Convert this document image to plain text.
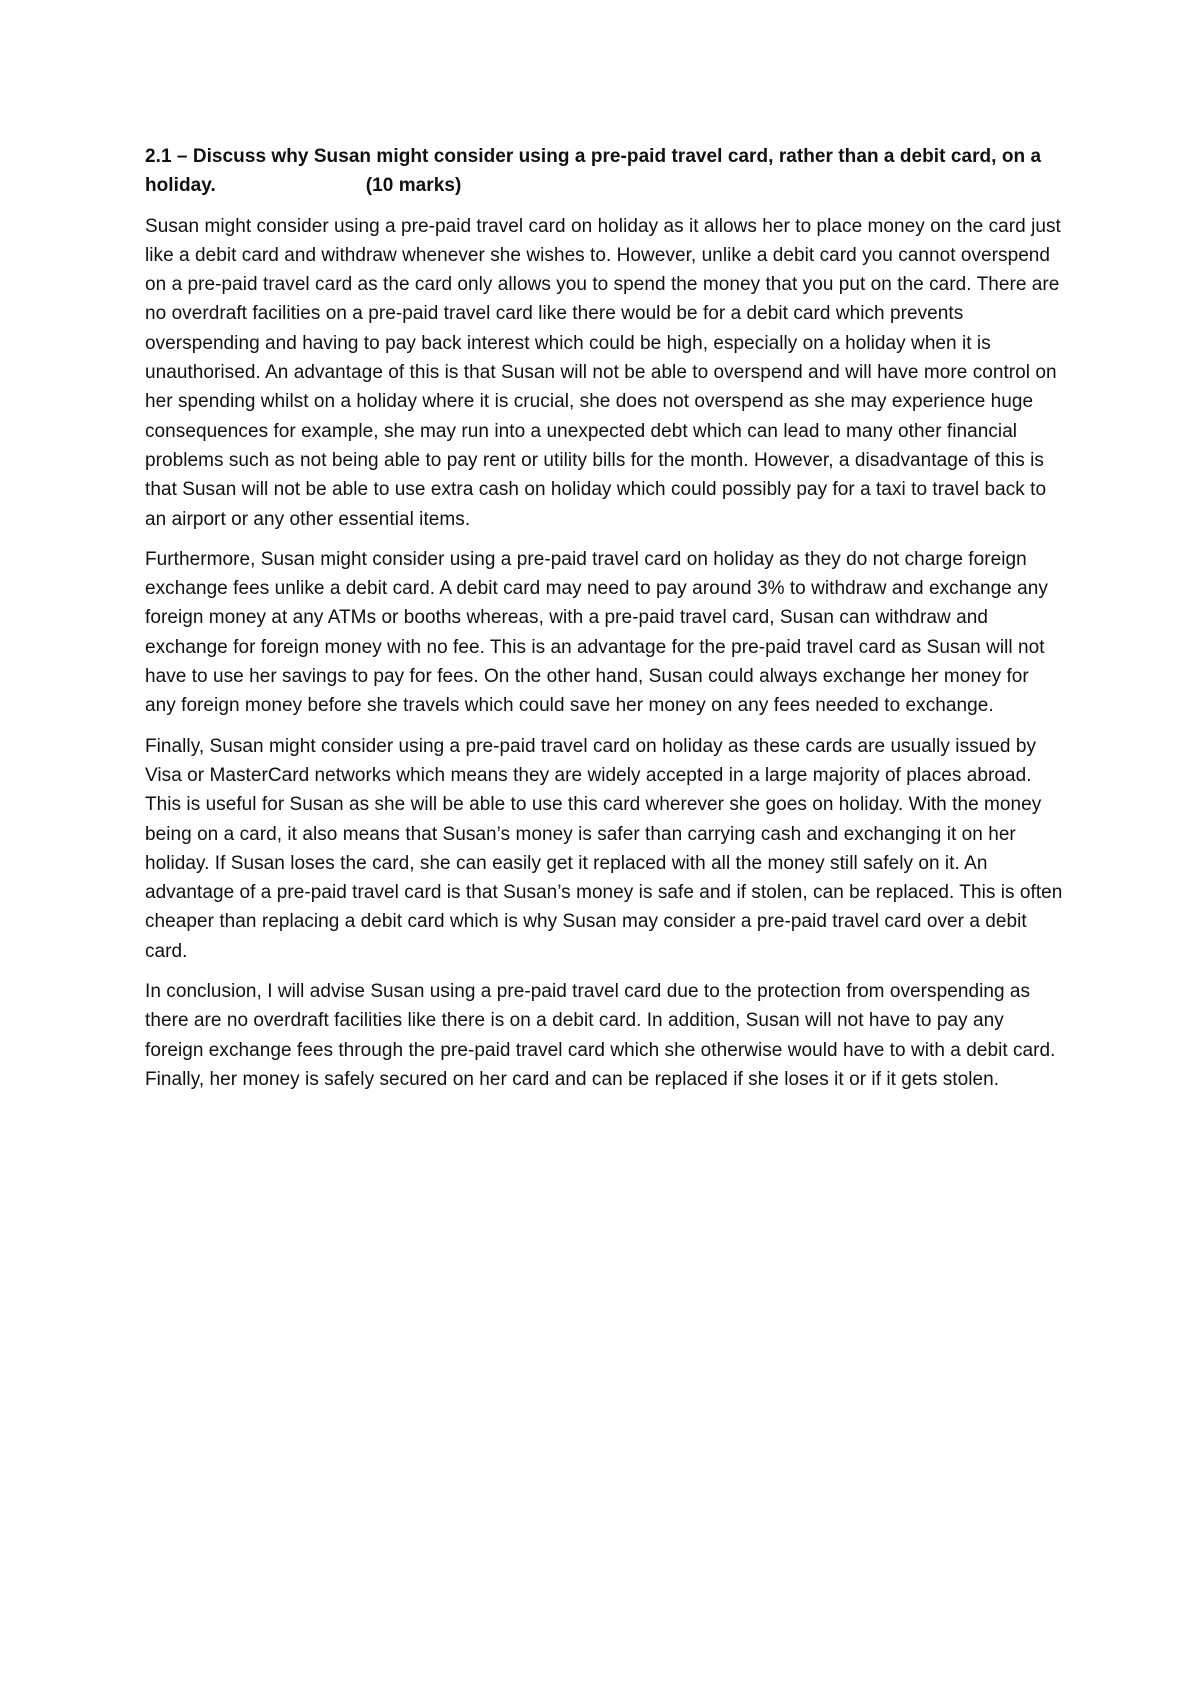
2.1 – Discuss why Susan might consider using a pre-paid travel card, rather than a debit card, on a holiday.	(10 marks)

Susan might consider using a pre-paid travel card on holiday as it allows her to place money on the card just like a debit card and withdraw whenever she wishes to. However, unlike a debit card you cannot overspend on a pre-paid travel card as the card only allows you to spend the money that you put on the card. There are no overdraft facilities on a pre-paid travel card like there would be for a debit card which prevents overspending and having to pay back interest which could be high, especially on a holiday when it is unauthorised. An advantage of this is that Susan will not be able to overspend and will have more control on her spending whilst on a holiday where it is crucial, she does not overspend as she may experience huge consequences for example, she may run into a unexpected debt which can lead to many other financial problems such as not being able to pay rent or utility bills for the month. However, a disadvantage of this is that Susan will not be able to use extra cash on holiday which could possibly pay for a taxi to travel back to an airport or any other essential items.

Furthermore, Susan might consider using a pre-paid travel card on holiday as they do not charge foreign exchange fees unlike a debit card. A debit card may need to pay around 3% to withdraw and exchange any foreign money at any ATMs or booths whereas, with a pre-paid travel card, Susan can withdraw and exchange for foreign money with no fee. This is an advantage for the pre-paid travel card as Susan will not have to use her savings to pay for fees. On the other hand, Susan could always exchange her money for any foreign money before she travels which could save her money on any fees needed to exchange.

Finally, Susan might consider using a pre-paid travel card on holiday as these cards are usually issued by Visa or MasterCard networks which means they are widely accepted in a large majority of places abroad. This is useful for Susan as she will be able to use this card wherever she goes on holiday. With the money being on a card, it also means that Susan’s money is safer than carrying cash and exchanging it on her holiday. If Susan loses the card, she can easily get it replaced with all the money still safely on it. An advantage of a pre-paid travel card is that Susan’s money is safe and if stolen, can be replaced. This is often cheaper than replacing a debit card which is why Susan may consider a pre-paid travel card over a debit card.

In conclusion, I will advise Susan using a pre-paid travel card due to the protection from overspending as there are no overdraft facilities like there is on a debit card. In addition, Susan will not have to pay any foreign exchange fees through the pre-paid travel card which she otherwise would have to with a debit card. Finally, her money is safely secured on her card and can be replaced if she loses it or if it gets stolen.
